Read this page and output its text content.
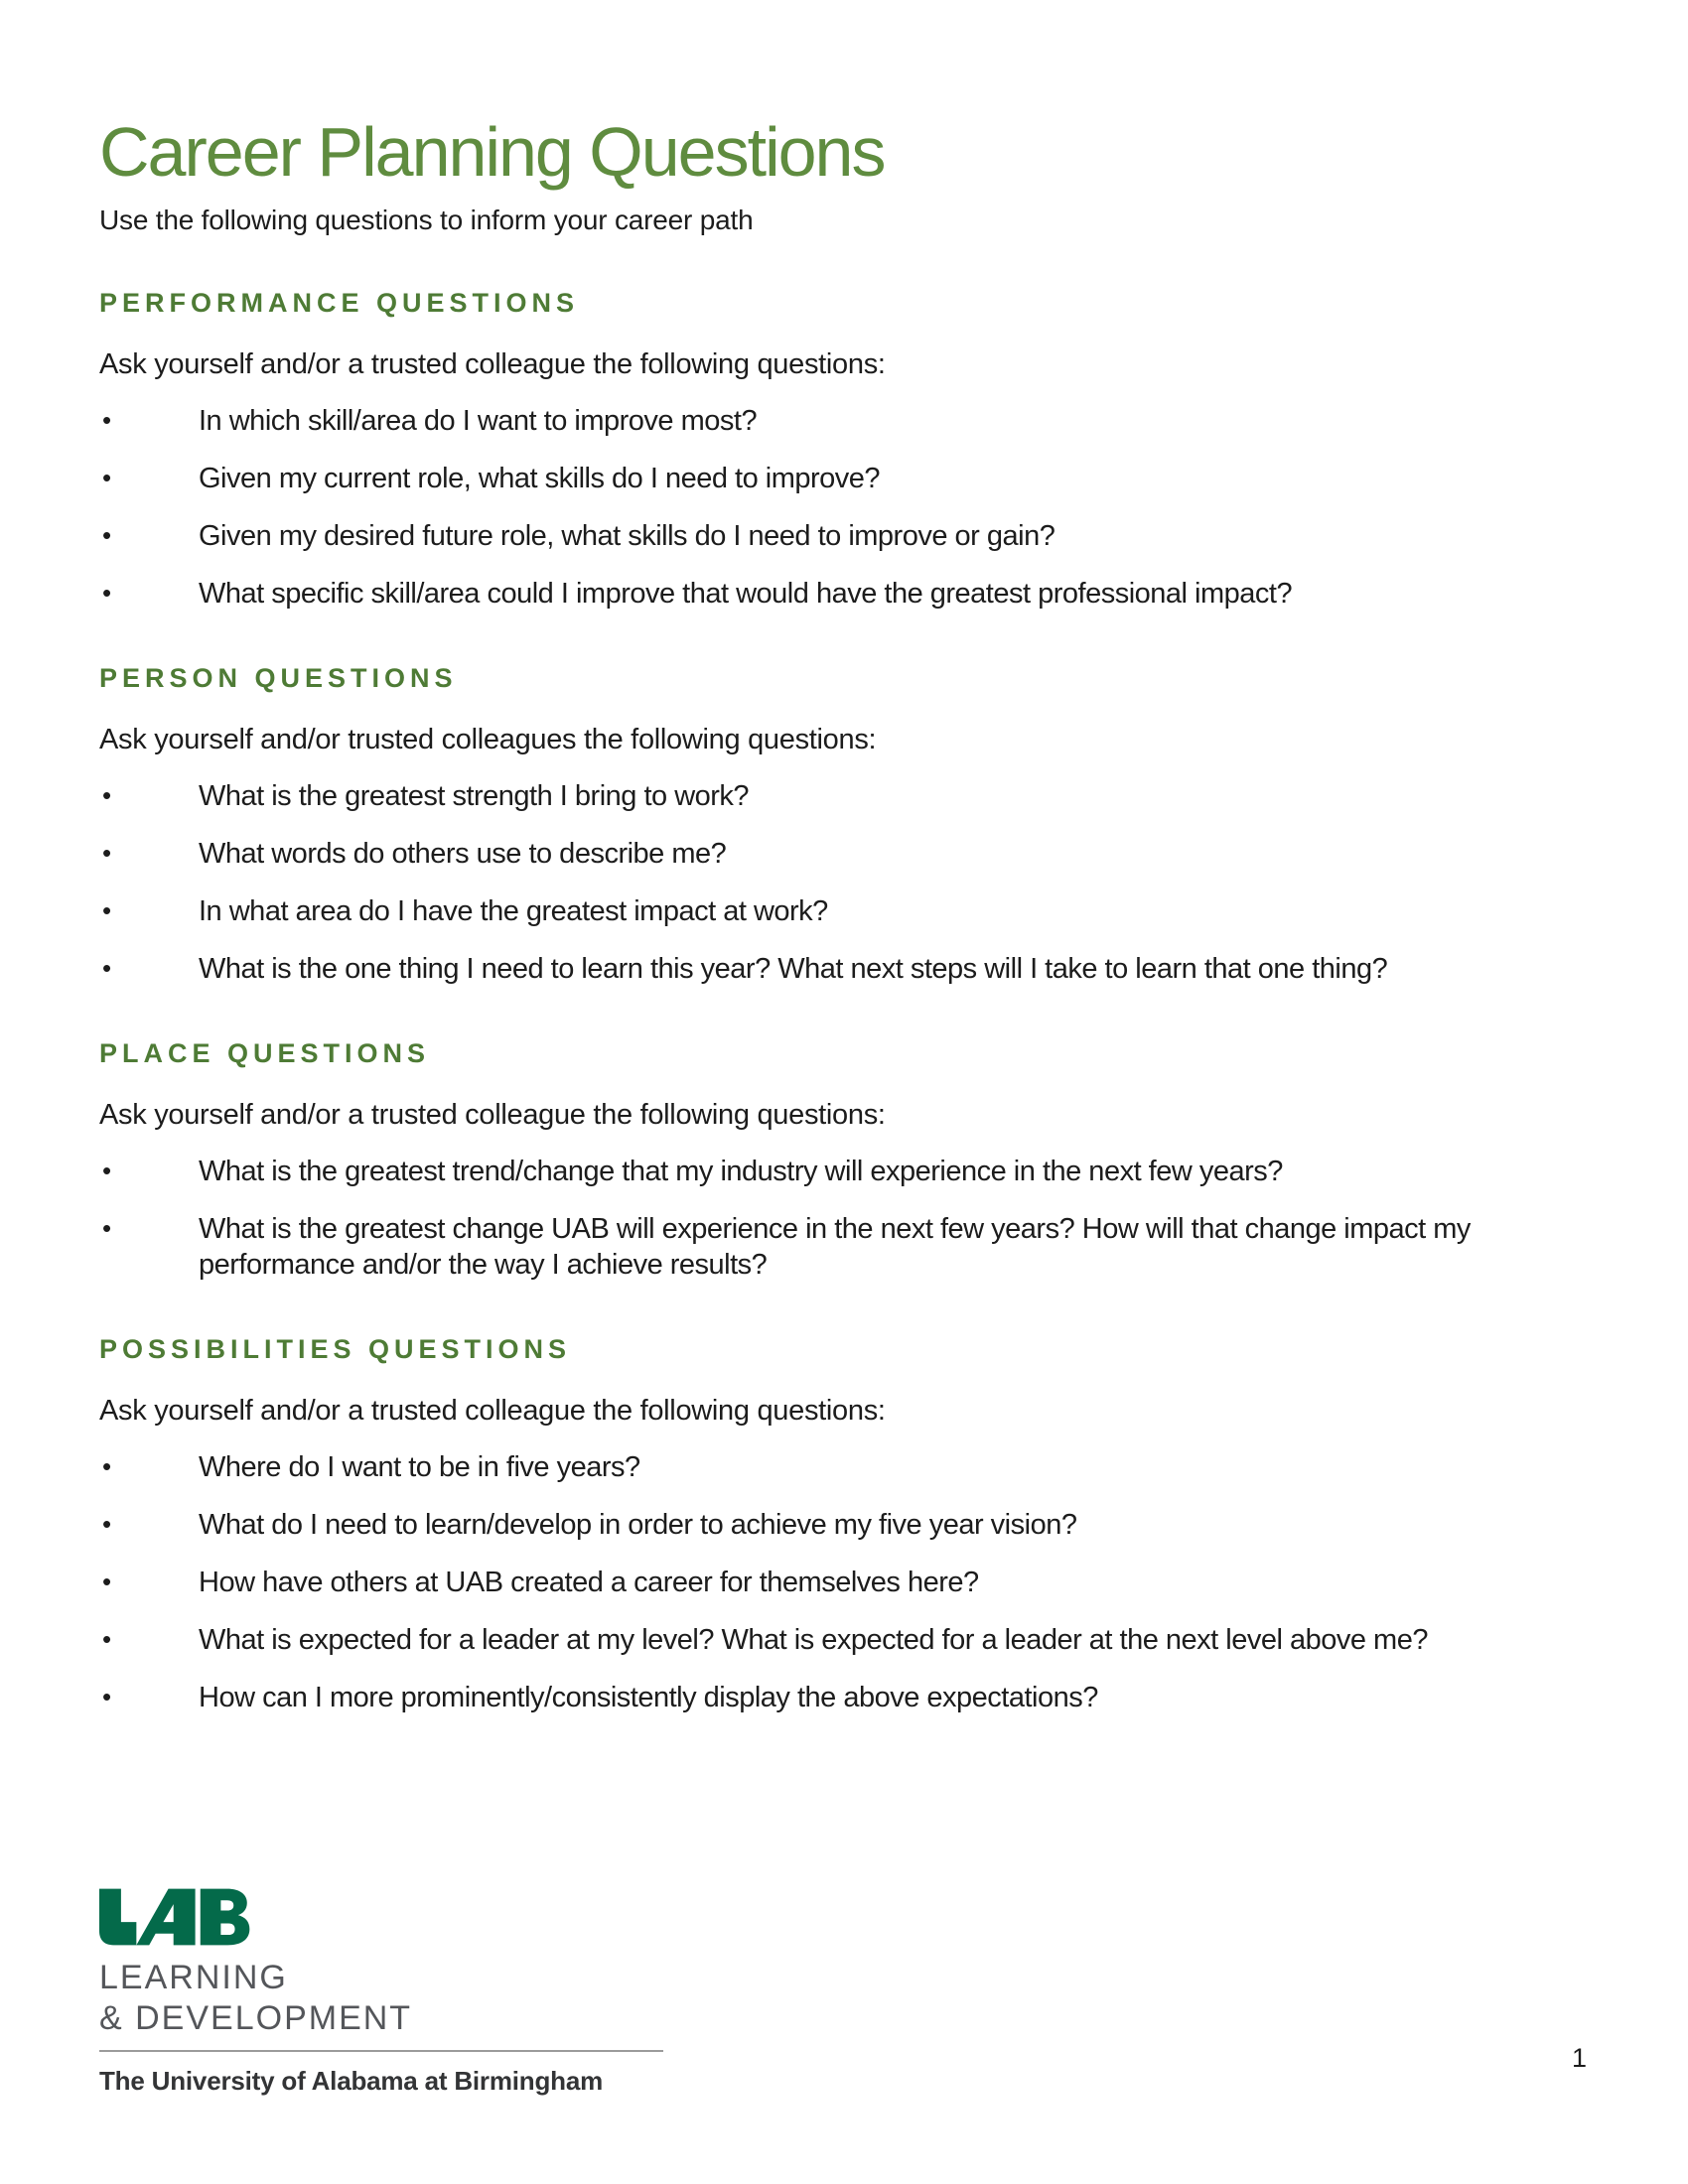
Career Planning Questions
Use the following questions to inform your career path
PERFORMANCE QUESTIONS
Ask yourself and/or a trusted colleague the following questions:
•	In which skill/area do I want to improve most?
•	Given my current role, what skills do I need to improve?
•	Given my desired future role, what skills do I need to improve or gain?
•	What specific skill/area could I improve that would have the greatest professional impact?
PERSON QUESTIONS
Ask yourself and/or trusted colleagues the following questions:
•	What is the greatest strength I bring to work?
•	What words do others use to describe me?
•	In what area do I have the greatest impact at work?
•	What is the one thing I need to learn this year? What next steps will I take to learn that one thing?
PLACE QUESTIONS
Ask yourself and/or a trusted colleague the following questions:
•	What is the greatest trend/change that my industry will experience in the next few years?
•	What is the greatest change UAB will experience in the next few years? How will that change impact my performance and/or the way I achieve results?
POSSIBILITIES QUESTIONS
Ask yourself and/or a trusted colleague the following questions:
•	Where do I want to be in five years?
•	What do I need to learn/develop in order to achieve my five year vision?
•	How have others at UAB created a career for themselves here?
•	What is expected for a leader at my level? What is expected for a leader at the next level above me?
•	How can I more prominently/consistently display the above expectations?
LEARNING
& DEVELOPMENT
The University of Alabama at Birmingham
1
